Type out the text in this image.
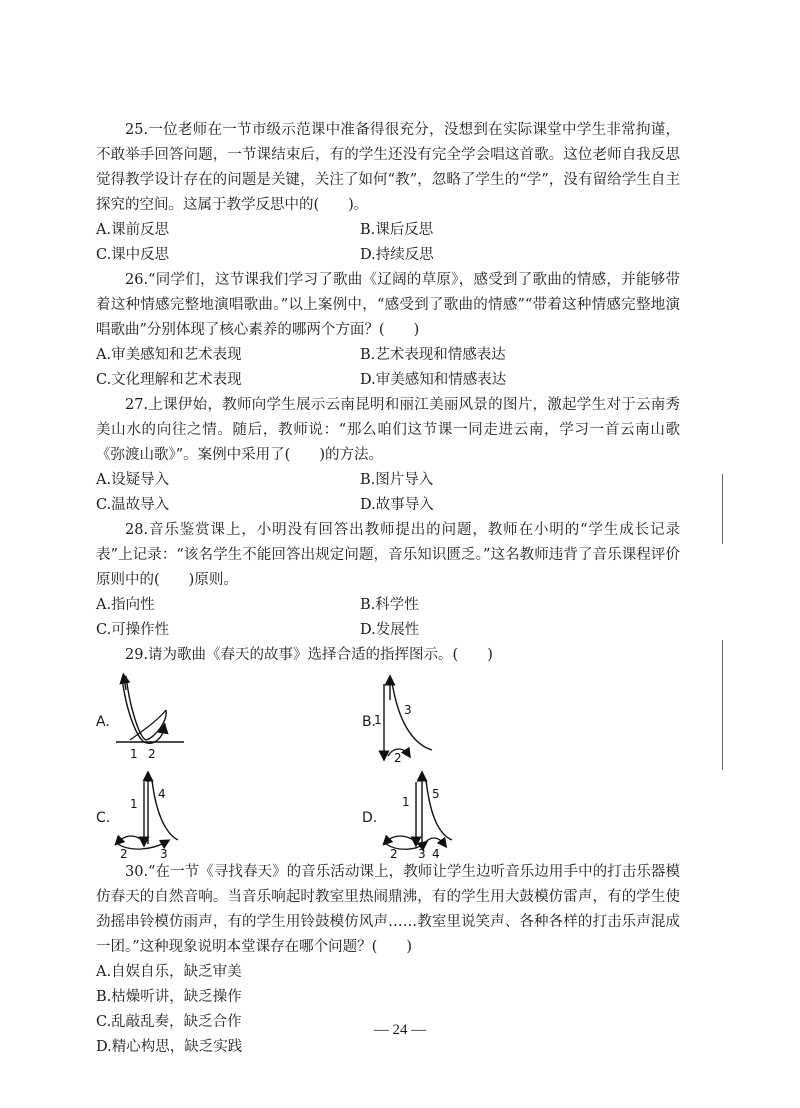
25.一位老师在一节市级示范课中准备得很充分，没想到在实际课堂中学生非常拘谨，不敢举手回答问题，一节课结束后，有的学生还没有完全学会唱这首歌。这位老师自我反思觉得教学设计存在的问题是关键，关注了如何“教”，忽略了学生的“学”，没有留给学生自主探究的空间。这属于教学反思中的(　　)。

A.课前反思	B.课后反思
C.课中反思	D.持续反思

26.“同学们，这节课我们学习了歌曲《辽阔的草原》，感受到了歌曲的情感，并能够带着这种情感完整地演唱歌曲。”以上案例中，“感受到了歌曲的情感”“带着这种情感完整地演唱歌曲”分别体现了核心素养的哪两个方面？(　　)

A.审美感知和艺术表现	B.艺术表现和情感表达
C.文化理解和艺术表现	D.审美感知和情感表达

27.上课伊始，教师向学生展示云南昆明和丽江美丽风景的图片，激起学生对于云南秀美山水的向往之情。随后，教师说：“那么咱们这节课一同走进云南，学习一首云南山歌《弥渡山歌》”。案例中采用了(　　)的方法。

A.设疑导入	B.图片导入
C.温故导入	D.故事导入

28.音乐鉴赏课上，小明没有回答出教师提出的问题，教师在小明的“学生成长记录表”上记录：“该名学生不能回答出规定问题，音乐知识匮乏。”这名教师违背了音乐课程评价原则中的(　　)原则。

A.指向性	B.科学性
C.可操作性	D.发展性

29.请为歌曲《春天的故事》选择合适的指挥图示。(　　)

A.
1 2
B.
1
2
3
C.
1
2	3
4
D.
1
2 3 4
5

30.“在一节《寻找春天》的音乐活动课上，教师让学生边听音乐边用手中的打击乐器模仿春天的自然音响。当音乐响起时教室里热闹鼎沸，有的学生用大鼓模仿雷声，有的学生使劲摇串铃模仿雨声，有的学生用铃鼓模仿风声……教室里说笑声、各种各样的打击乐声混成一团。”这种现象说明本堂课存在哪个问题？(　　)

A.自娱自乐，缺乏审美
B.枯燥听讲，缺乏操作
C.乱敲乱奏，缺乏合作
D.精心构思，缺乏实践
— 24 —
